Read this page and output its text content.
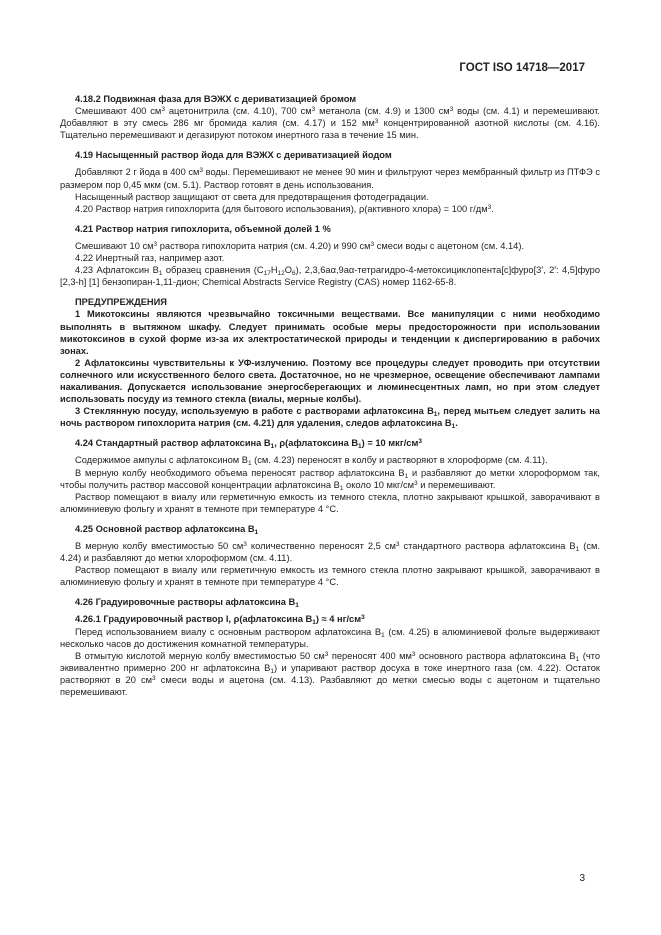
ГОСТ ISO 14718—2017

4.18.2 Подвижная фаза для ВЭЖХ с дериватизацией бромом

Смешивают 400 $см^3$ ацетонитрила (см. 4.10), 700 $см^3$ метанола (см. 4.9) и 1300 $см^3$ воды (см. 4.1) и перемешивают. Добавляют в эту смесь 286 мг бромида калия (см. 4.17) и 152 $мм^3$ концентрированной азотной кислоты (см. 4.16). Тщательно перемешивают и дегазируют потоком инертного газа в течение 15 мин.

4.19 Насыщенный раствор йода для ВЭЖХ с дериватизацией йодом

Добавляют 2 г йода в 400 $см^3$ воды. Перемешивают не менее 90 мин и фильтруют через мембранный фильтр из ПТФЭ с размером пор 0,45 мкм (см. 5.1). Раствор готовят в день использования.

Насыщенный раствор защищают от света для предотвращения фотодеградации.

4.20 Раствор натрия гипохлорита (для бытового использования), ρ(активного хлора) = 100 $г/дм^3$.

4.21 Раствор натрия гипохлорита, объемной долей 1 %

Смешивают 10 $см^3$ раствора гипохлорита натрия (см. 4.20) и 990 $см^3$ смеси воды с ацетоном (см. 4.14).

4.22 Инертный газ, например азот.

4.23 Афлатоксин $В_1$ образец сравнения $(C_{17}H_{12}O_6)$, 2,3,6аα,9аα-тетрагидро-4-метоксициклопента[c]фуро[3′, 2′: 4,5]фуро [2,3-h] [1] бензопиран-1,11-дион; Chemical Abstracts Service Registry (CAS) номер 1162-65-8.

ПРЕДУПРЕЖДЕНИЯ

1 Микотоксины являются чрезвычайно токсичными веществами. Все манипуляции с ними необходимо выполнять в вытяжном шкафу. Следует принимать особые меры предосторожности при использовании микотоксинов в сухой форме из-за их электростатической природы и тенденции к диспергированию в рабочих зонах.

2 Афлатоксины чувствительны к УФ-излучению. Поэтому все процедуры следует проводить при отсутствии солнечного или искусственного белого света. Достаточное, но не чрезмерное, освещение обеспечивают лампами накаливания. Допускается использование энергосберегающих и люминесцентных ламп, но при этом следует использовать посуду из темного стекла (виалы, мерные колбы).

3 Стеклянную посуду, используемую в работе с растворами афлатоксина $В_1$, перед мытьем следует залить на ночь раствором гипохлорита натрия (см. 4.21) для удаления, следов афлатоксина $В_1$.

4.24 Стандартный раствор афлатоксина $В_1$, ρ(афлатоксина $В_1) = 10$ мкг/$см^3$

Содержимое ампулы с афлатоксином $В_1$ (см. 4.23) переносят в колбу и растворяют в хлороформе (см. 4.11).

В мерную колбу необходимого объема переносят раствор афлатоксина $В_1$ и разбавляют до метки хлороформом так, чтобы получить раствор массовой концентрации афлатоксина $В_1$ около 10 мкг/$см^3$ и перемешивают.

Раствор помещают в виалу или герметичную емкость из темного стекла, плотно закрывают крышкой, заворачивают в алюминиевую фольгу и хранят в темноте при температуре 4 °С.

4.25 Основной раствор афлатоксина $В_1$

В мерную колбу вместимостью 50 $см^3$ количественно переносят 2,5 $см^3$ стандартного раствора афлатоксина $В_1$ (см. 4.24) и разбавляют до метки хлороформом (см. 4.11).

Раствор помещают в виалу или герметичную емкость из темного стекла плотно закрывают крышкой, заворачивают в алюминиевую фольгу и хранят в темноте при температуре 4 °С.

4.26 Градуировочные растворы афлатоксина $В_1$

4.26.1 Градуировочный раствор I, ρ(афлатоксина $В_1) \approx 4$ $нг/см^3$

Перед использованием виалу с основным раствором афлатоксина $В_1$ (см. 4.25) в алюминиевой фольге выдерживают несколько часов до достижения комнатной температуры.

В отмытую кислотой мерную колбу вместимостью 50 $см^3$ переносят 400 $мм^3$ основного раствора афлатоксина $В_1$ (что эквивалентно примерно 200 нг афлатоксина $В_1$) и упаривают раствор досуха в токе инертного газа (см. 4.22). Остаток растворяют в 20 $см^3$ смеси воды и ацетона (см. 4.13). Разбавляют до метки смесью воды с ацетоном и тщательно перемешивают.

3
